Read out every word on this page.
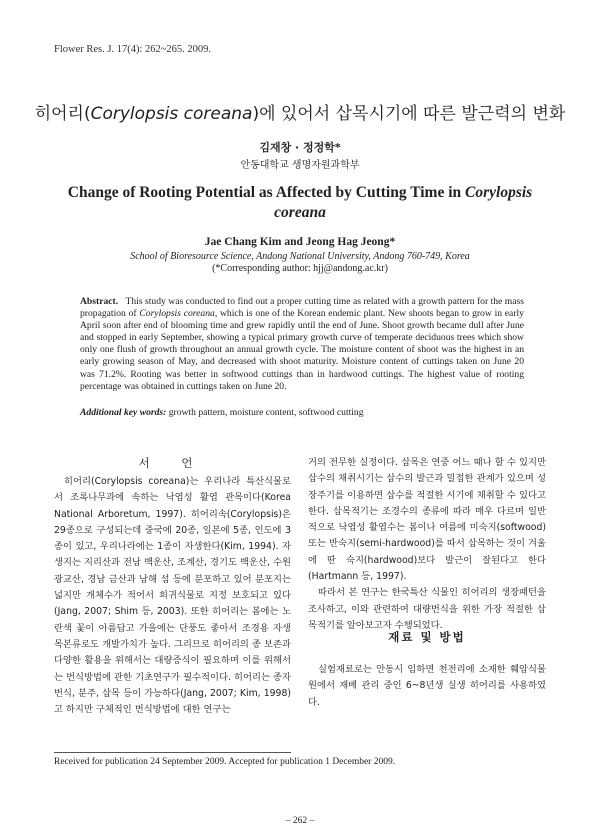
Flower Res. J. 17(4): 262~265. 2009.
히어리(Corylopsis coreana)에 있어서 삽목시기에 따른 발근력의 변화
김재창 · 정정학*
안동대학교 생명자원과학부
Change of Rooting Potential as Affected by Cutting Time in Corylopsis
coreana
Jae Chang Kim and Jeong Hag Jeong*
School of Bioresource Science, Andong National University, Andong 760-749, Korea
(*Corresponding author: hjj@andong.ac.kr)
Abstract. This study was conducted to find out a proper cutting time as related with a growth pattern for the mass propagation of Corylopsis coreana, which is one of the Korean endemic plant. New shoots began to grow in early April soon after end of blooming time and grew rapidly until the end of June. Shoot growth became dull after June and stopped in early September, showing a typical primary growth curve of temperate deciduous trees which show only one flush of growth throughout an annual growth cycle. The moisture content of shoot was the highest in an early growing season of May, and decreased with shoot maturity. Moisture content of cuttings taken on June 20 was 71.2%. Rooting was better in softwood cuttings than in hardwood cuttings. The highest value of rooting percentage was obtained in cuttings taken on June 20.
Additional key words: growth pattern, moisture content, softwood cutting
서 언

히어리(Corylopsis coreana)는 우리나라 특산식물로서 조록나무과에 속하는 낙엽성 활엽 관목이다(Korea National Arboretum, 1997). 히어리속(Corylopsis)은 29종으로 구성되는데 중국에 20종, 일본에 5종, 인도에 3종이 있고, 우리나라에는 1종이 자생한다(Kim, 1994). 자생지는 지리산과 전남 백운산, 조계산, 경기도 백운산, 수원 광교산, 경남 금산과 남해 섬 등에 분포하고 있어 분포지는 넓지만 개체수가 적어서 희귀식물로 지정 보호되고 있다(Jang, 2007; Shim 등, 2003). 또한 히어리는 봄에는 노란색 꽃이 아름답고 가을에는 단풍도 좋아서 조경용 자생 목본류로도 개발가치가 높다. 그리므로 히어리의 종 보존과 다양한 활용을 위해서는 대량증식이 필요하며 이를 위해서는 번식방법에 관한 기초연구가 필수적이다. 히어리는 종자번식, 분주, 삽목 등이 가능하다(Jang, 2007; Kim, 1998)고 하지만 구체적인 번식방법에 대한 연구는

거의 전무한 실정이다. 삽목은 연중 어느 때나 할 수 있지만 삽수의 채취시기는 삽수의 발근과 밀접한 관계가 있으며 성장주기를 이용하면 삽수를 적절한 시기에 채취할 수 있다고 한다. 삽목적기는 조경수의 종류에 따라 매우 다르며 일반적으로 낙엽성 활엽수는 봄이나 여름에 미숙지(softwood) 또는 반숙지(semi-hardwood)를 따서 삽목하는 것이 겨울에 딴 숙지(hardwood)보다 발근이 잘된다고 한다(Hartmann 등, 1997).

따라서 본 연구는 한국특산 식물인 히어리의 생장패턴을 조사하고, 이와 관련하여 대량번식을 위한 가장 적절한 삽목적기를 알아보고자 수행되었다.

재료 및 방법

실험재료로는 안동시 임하면 천전리에 소재한 훼암식물원에서 재배 관리 중인 6~8년생 실생 히어리를 사용하였다.

Received for publication 24 September 2009. Accepted for publication 1 December 2009.
– 262 –
